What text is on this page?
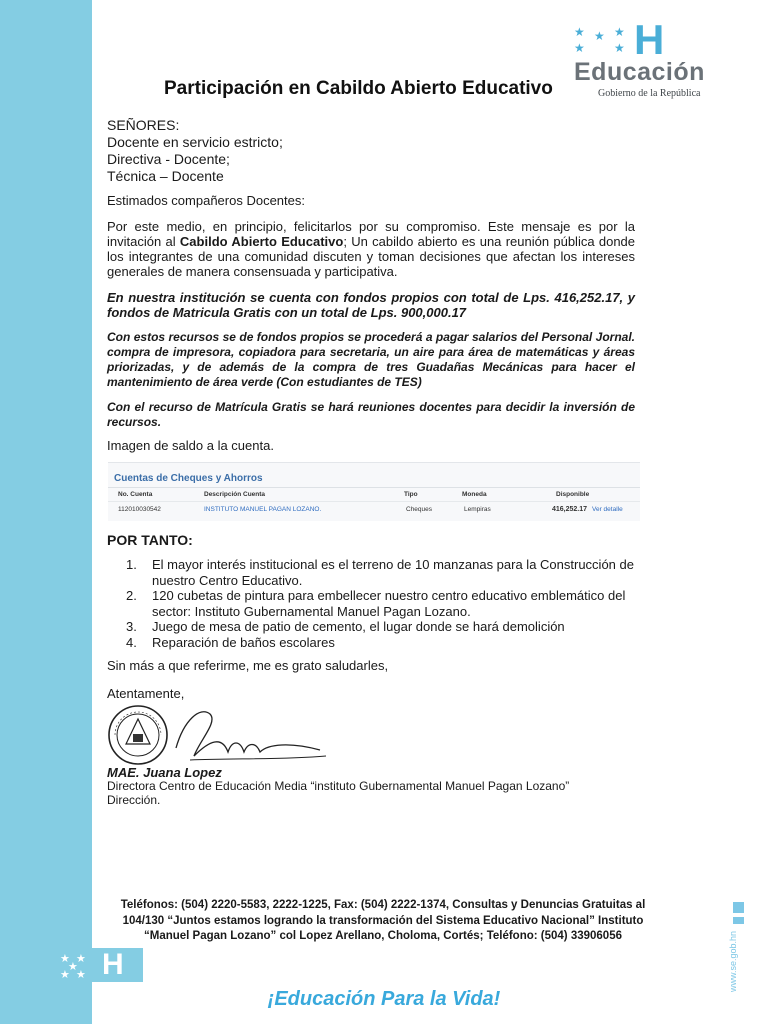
★ ★ ★
★ ★ H
Educación
Gobierno de la República
Participación en Cabildo Abierto Educativo
SEÑORES:
Docente en servicio estricto;
Directiva - Docente;
Técnica – Docente
Estimados compañeros Docentes:

Por este medio, en principio, felicitarlos por su compromiso. Este mensaje es por la invitación al Cabildo Abierto Educativo; Un cabildo abierto es una reunión pública donde los integrantes de una comunidad discuten y toman decisiones que afectan los intereses generales de manera consensuada y participativa.

En nuestra institución se cuenta con fondos propios con total de Lps. 416,252.17, y fondos de Matricula Gratis con un total de Lps. 900,000.17

Con estos recursos se de fondos propios se procederá a pagar salarios del Personal Jornal. compra de impresora, copiadora para secretaria, un aire para área de matemáticas y áreas priorizadas, y de además de la compra de tres Guadañas Mecánicas para hacer el mantenimiento de área verde (Con estudiantes de TES)

Con el recurso de Matrícula Gratis se hará reuniones docentes para decidir la inversión de recursos.

Imagen de saldo a la cuenta.
Cuentas de Cheques y Ahorros
No. Cuenta	Descripción Cuenta	Tipo	Moneda	Disponible
112010030542	INSTITUTO MANUEL PAGAN LOZANO.	Cheques	Lempiras	416,252.17 Ver detalle
POR TANTO:
1. El mayor interés institucional es el terreno de 10 manzanas para la Construcción de nuestro Centro Educativo.
2. 120 cubetas de pintura para embellecer nuestro centro educativo emblemático del sector: Instituto Gubernamental Manuel Pagan Lozano.
3. Juego de mesa de patio de cemento, el lugar donde se hará demolición
4. Reparación de baños escolares
Sin más a que referirme, me es grato saludarles,
Atentamente,
MAE. Juana Lopez
Directora Centro de Educación Media “instituto Gubernamental Manuel Pagan Lozano”
Dirección.
Teléfonos: (504) 2220-5583, 2222-1225, Fax: (504) 2222-1374, Consultas y Denuncias Gratuitas al
104/130 “Juntos estamos logrando la transformación del Sistema Educativo Nacional” Instituto
“Manuel Pagan Lozano” col Lopez Arellano, Choloma, Cortés; Teléfono: (504) 33906056
★ ★
★
★ ★ H
¡Educación Para la Vida!
www.se.gob.hn
